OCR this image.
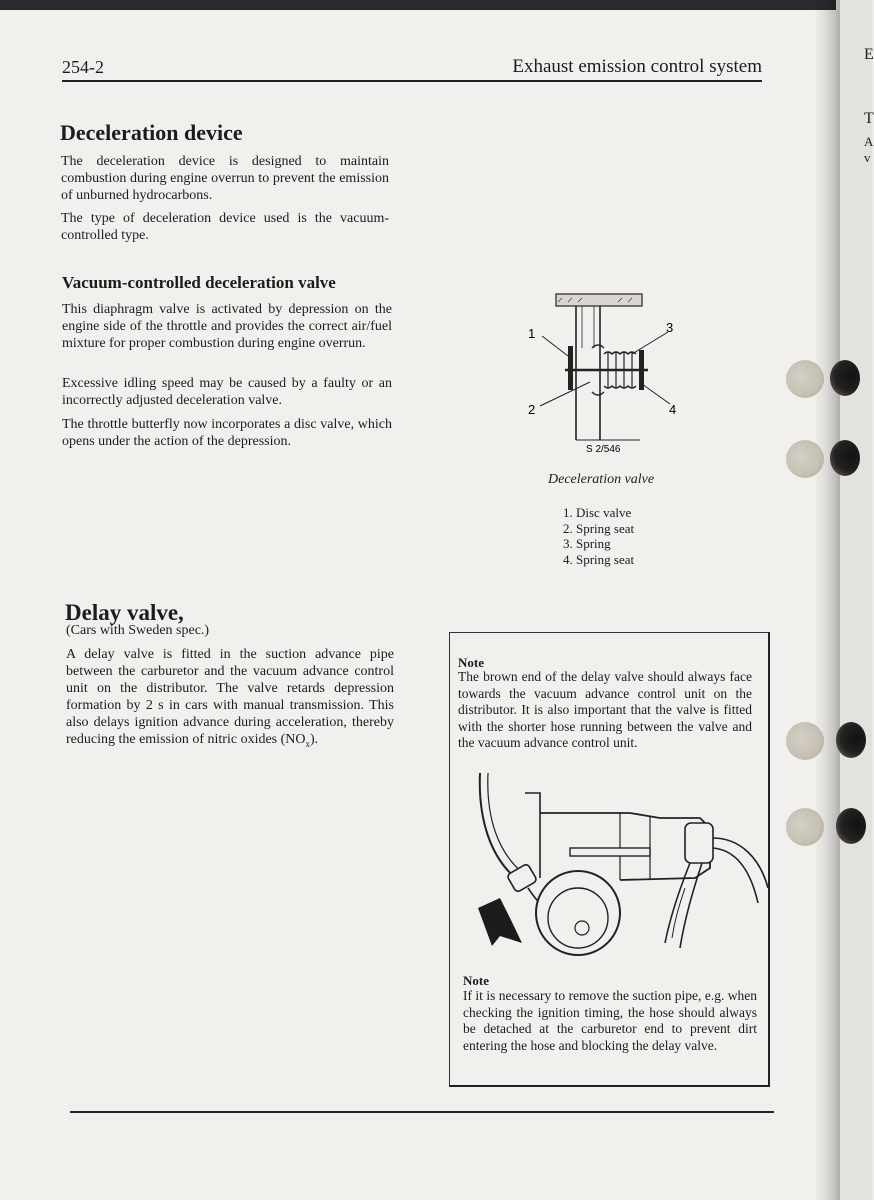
E
T
A
v
254-2	Exhaust emission control system
Deceleration device

The deceleration device is designed to maintain combustion during engine overrun to prevent the emission of unburned hydrocarbons.

The type of deceleration device used is the vacuum-controlled type.

Vacuum-controlled deceleration valve

This diaphragm valve is activated by depression on the engine side of the throttle and provides the correct air/fuel mixture for proper combustion during engine overrun.

Excessive idling speed may be caused by a faulty or an incorrectly adjusted deceleration valve.

The throttle butterfly now incorporates a disc valve, which opens under the action of the depression.

1	3
2	4
S 2/546
Deceleration valve
1. Disc valve
2. Spring seat
3. Spring
4. Spring seat
Delay valve,
(Cars with Sweden spec.)

A delay valve is fitted in the suction advance pipe between the carburetor and the vacuum advance control unit on the distributor. The valve retards depression formation by 2 s in cars with manual transmission. This also delays ignition advance during acceleration, thereby reducing the emission of nitric oxides $(NO_x)$.

Note

The brown end of the delay valve should always face towards the vacuum advance control unit on the distributor. It is also important that the valve is fitted with the shorter hose running between the valve and the vacuum advance control unit.

Note

If it is necessary to remove the suction pipe, e.g. when checking the ignition timing, the hose should always be detached at the carburetor end to prevent dirt entering the hose and blocking the delay valve.
